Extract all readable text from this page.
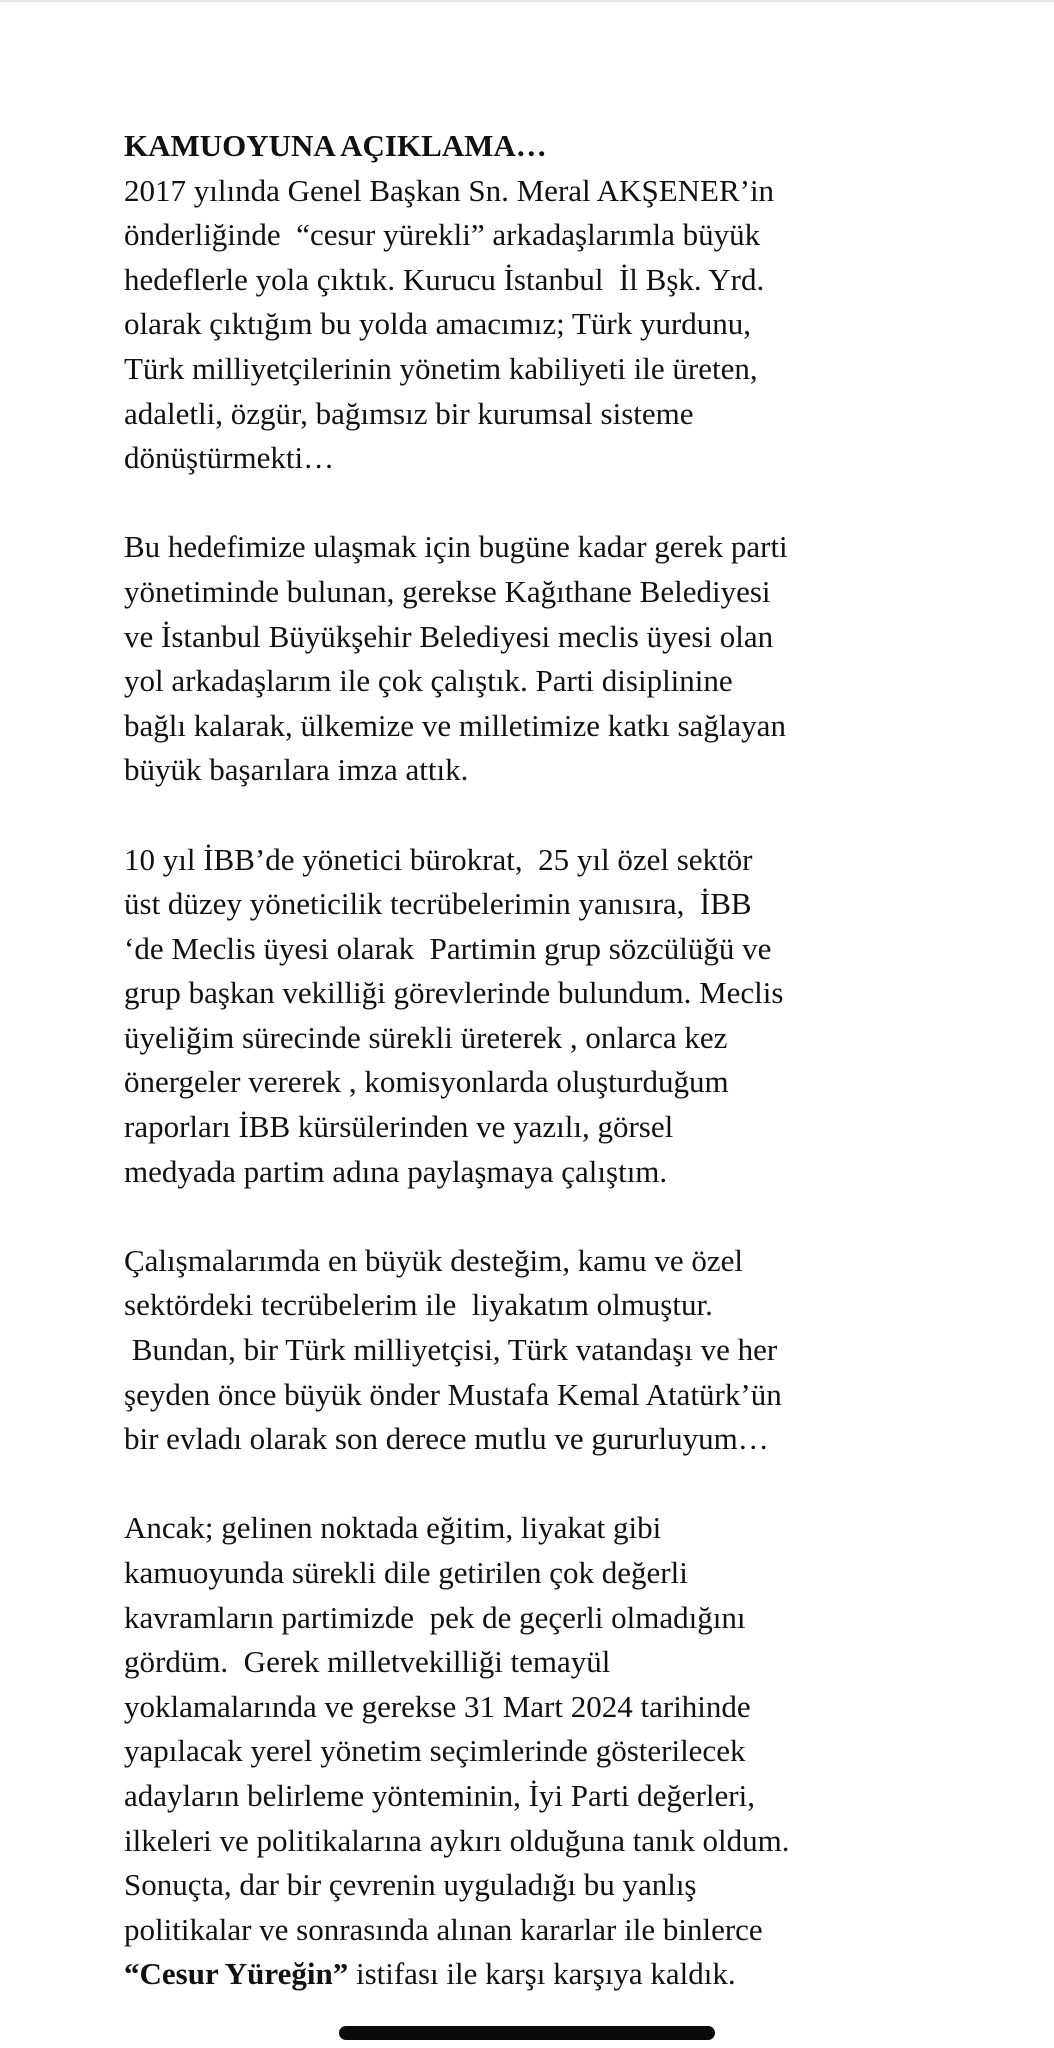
KAMUOYUNA AÇIKLAMA…
2017 yılında Genel Başkan Sn. Meral AKŞENER’in
önderliğinde  “cesur yürekli” arkadaşlarımla büyük
hedeflerle yola çıktık. Kurucu İstanbul  İl Bşk. Yrd.
olarak çıktığım bu yolda amacımız; Türk yurdunu,
Türk milliyetçilerinin yönetim kabiliyeti ile üreten,
adaletli, özgür, bağımsız bir kurumsal sisteme
dönüştürmekti…
Bu hedefimize ulaşmak için bugüne kadar gerek parti
yönetiminde bulunan, gerekse Kağıthane Belediyesi
ve İstanbul Büyükşehir Belediyesi meclis üyesi olan
yol arkadaşlarım ile çok çalıştık. Parti disiplinine
bağlı kalarak, ülkemize ve milletimize katkı sağlayan
büyük başarılara imza attık.
10 yıl İBB’de yönetici bürokrat,  25 yıl özel sektör
üst düzey yöneticilik tecrübelerimin yanısıra,  İBB
‘de Meclis üyesi olarak  Partimin grup sözcülüğü ve
grup başkan vekilliği görevlerinde bulundum. Meclis
üyeliğim sürecinde sürekli üreterek , onlarca kez
önergeler vererek , komisyonlarda oluşturduğum
raporları İBB kürsülerinden ve yazılı, görsel
medyada partim adına paylaşmaya çalıştım.
Çalışmalarımda en büyük desteğim, kamu ve özel
sektördeki tecrübelerim ile  liyakatım olmuştur.
Bundan, bir Türk milliyetçisi, Türk vatandaşı ve her
şeyden önce büyük önder Mustafa Kemal Atatürk’ün
bir evladı olarak son derece mutlu ve gururluyum…
Ancak; gelinen noktada eğitim, liyakat gibi
kamuoyunda sürekli dile getirilen çok değerli
kavramların partimizde  pek de geçerli olmadığını
gördüm.  Gerek milletvekilliği temayül
yoklamalarında ve gerekse 31 Mart 2024 tarihinde
yapılacak yerel yönetim seçimlerinde gösterilecek
adayların belirleme yönteminin, İyi Parti değerleri,
ilkeleri ve politikalarına aykırı olduğuna tanık oldum.
Sonuçta, dar bir çevrenin uyguladığı bu yanlış
politikalar ve sonrasında alınan kararlar ile binlerce
“Cesur Yüreğin” istifası ile karşı karşıya kaldık.
